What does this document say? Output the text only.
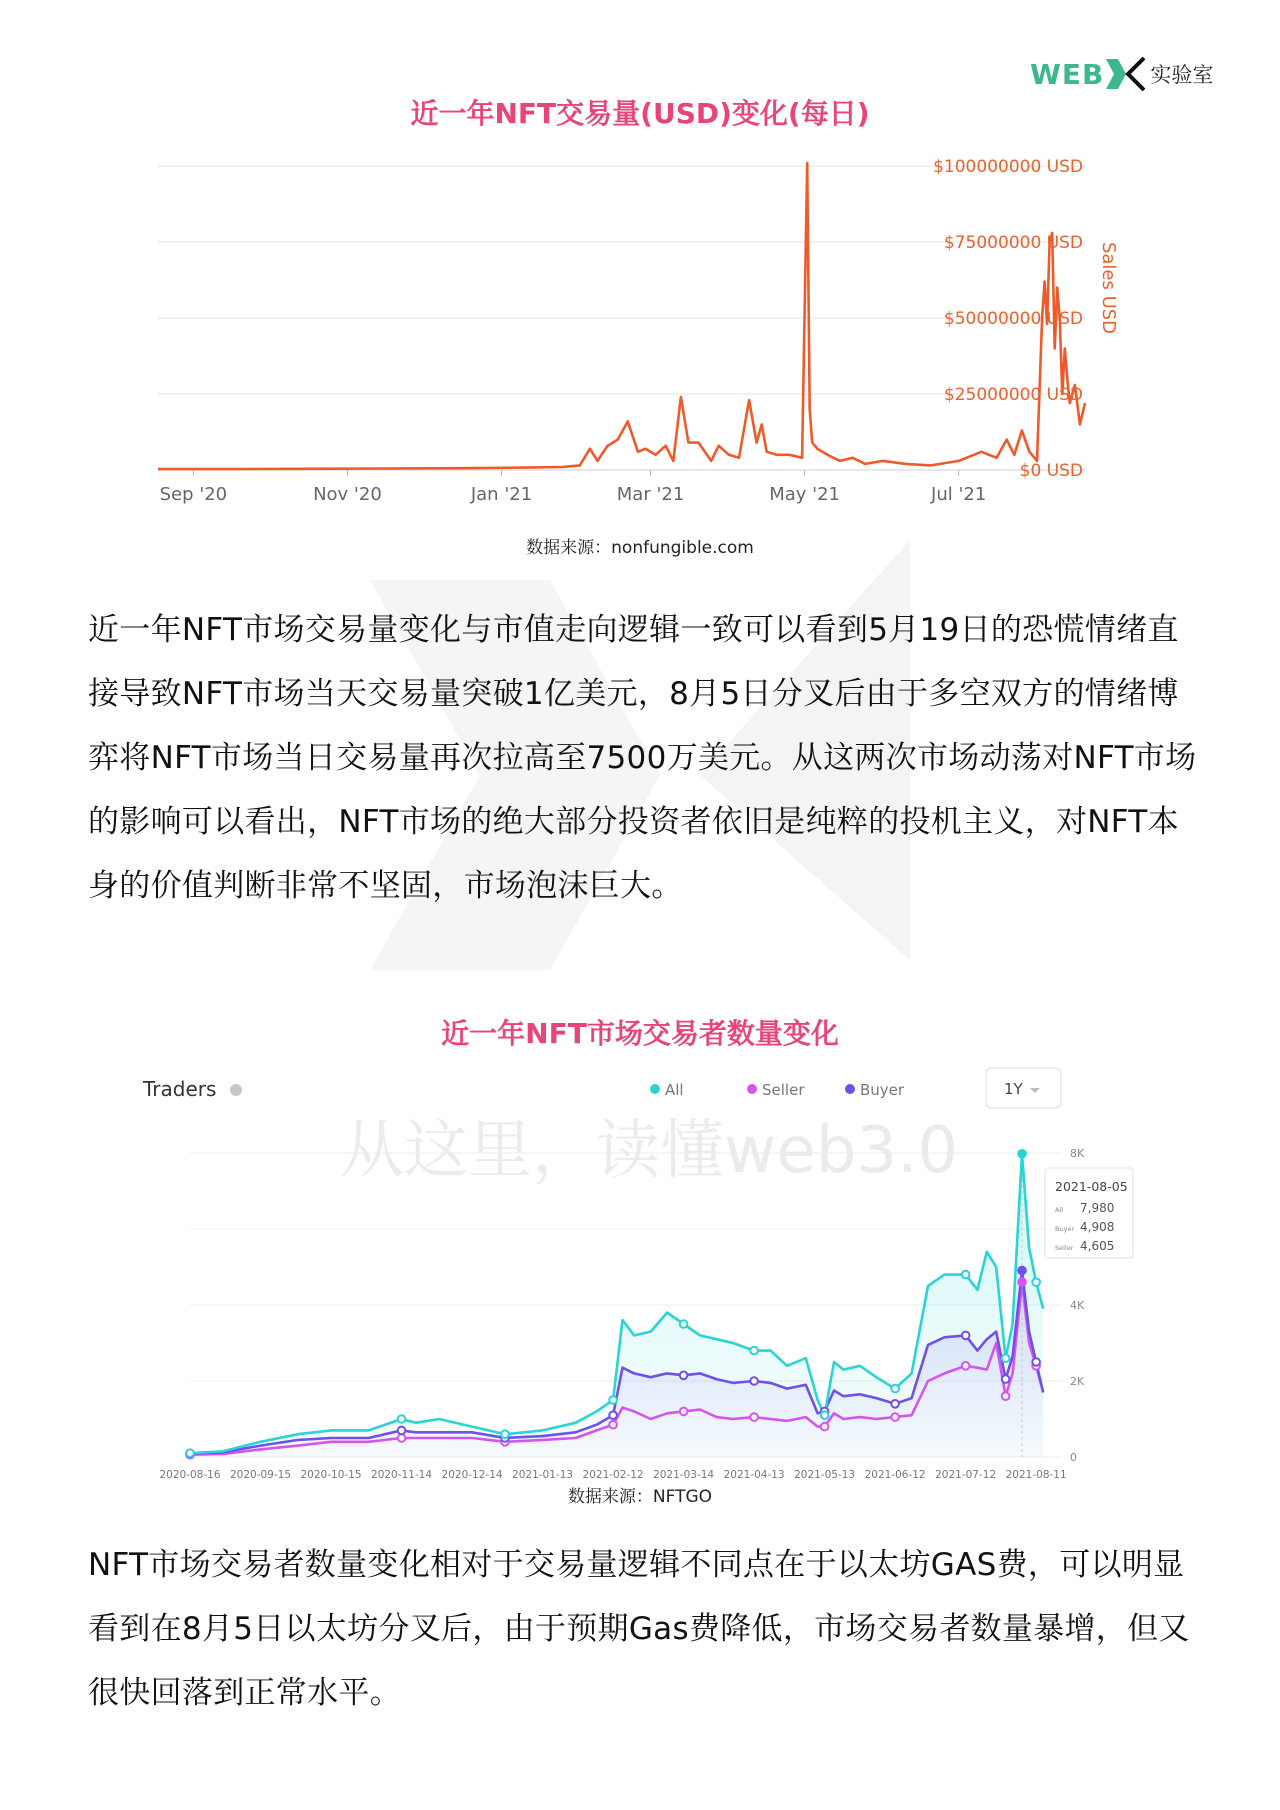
WEB 实验室
近一年NFT交易量(USD)变化(每日)
Sep '20	Nov '20	Jan '21	Mar '21	May '21	Jul '21
$0 USD
$25000000 USD
$50000000 USD
$75000000 USD
$100000000 USD
Sales USD
数据来源：nonfungible.com
近一年NFT市场交易量变化与市值走向逻辑一致可以看到5月19日的恐慌情绪直接导致NFT市场当天交易量突破1亿美元，8月5日分叉后由于多空双方的情绪博弈将NFT市场当日交易量再次拉高至7500万美元。从这两次市场动荡对NFT市场的影响可以看出，NFT市场的绝大部分投资者依旧是纯粹的投机主义，对NFT本身的价值判断非常不坚固，市场泡沫巨大。
近一年NFT市场交易者数量变化
Traders	All	Seller	Buyer	1Y
0
2K
4K
8K
2020-08-16 2020-09-15 2020-10-15 2020-11-14 2020-12-14 2021-01-13 2021-02-12 2021-03-14 2021-04-13 2021-05-13 2021-06-12 2021-07-12 2021-08-11
从这里，读懂web3.0	2021-08-05
All 7,980
Buyer 4,908
Seller 4,605
数据来源：NFTGO
NFT市场交易者数量变化相对于交易量逻辑不同点在于以太坊GAS费，可以明显看到在8月5日以太坊分叉后，由于预期Gas费降低，市场交易者数量暴增，但又很快回落到正常水平。
